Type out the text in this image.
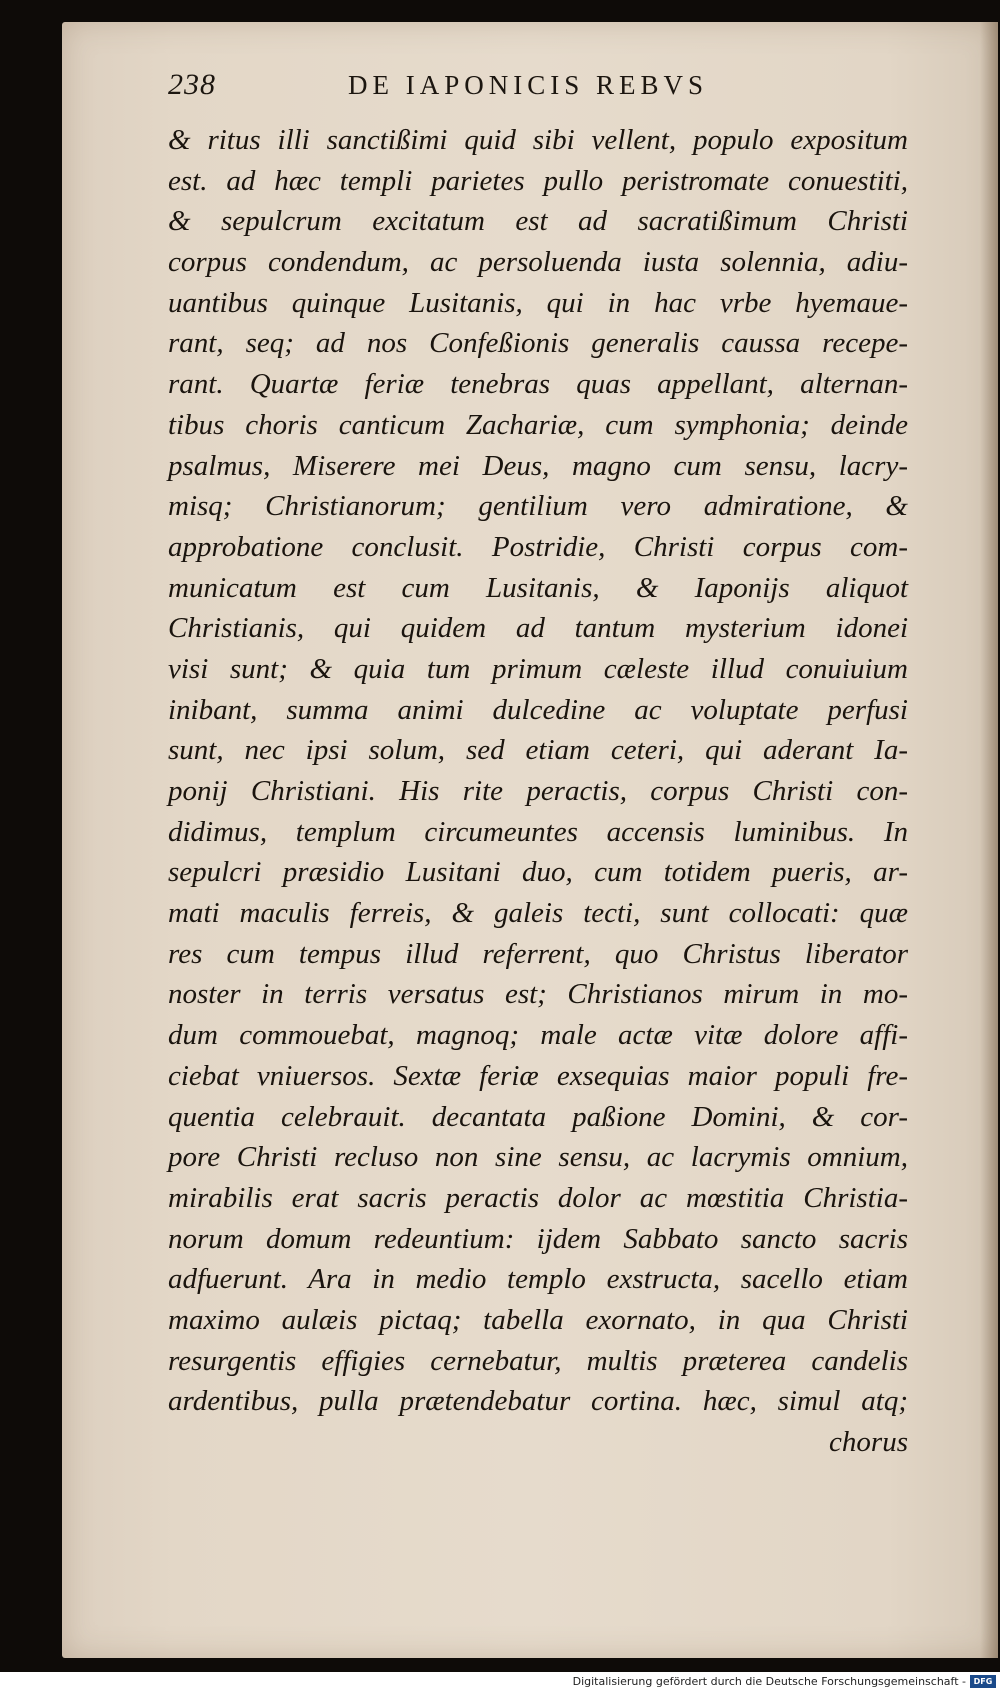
238	DE IAPONICIS REBVS
& ritus illi sanctißimi quid sibi vellent, populo expositum
est. ad hæc templi parietes pullo peristromate conuestiti,
& sepulcrum excitatum est ad sacratißimum Christi
corpus condendum, ac persoluenda iusta solennia, adiu-
uantibus quinque Lusitanis, qui in hac vrbe hyemaue-
rant, seq; ad nos Confeßionis generalis caussa recepe-
rant. Quartæ feriæ tenebras quas appellant, alternan-
tibus choris canticum Zachariæ, cum symphonia; deinde
psalmus, Miserere mei Deus, magno cum sensu, lacry-
misq; Christianorum; gentilium vero admiratione, &
approbatione conclusit. Postridie, Christi corpus com-
municatum est cum Lusitanis, & Iaponijs aliquot
Christianis, qui quidem ad tantum mysterium idonei
visi sunt; & quia tum primum cæleste illud conuiuium
inibant, summa animi dulcedine ac voluptate perfusi
sunt, nec ipsi solum, sed etiam ceteri, qui aderant Ia-
ponij Christiani. His rite peractis, corpus Christi con-
didimus, templum circumeuntes accensis luminibus. In
sepulcri præsidio Lusitani duo, cum totidem pueris, ar-
mati maculis ferreis, & galeis tecti, sunt collocati: quæ
res cum tempus illud referrent, quo Christus liberator
noster in terris versatus est; Christianos mirum in mo-
dum commouebat, magnoq; male actæ vitæ dolore affi-
ciebat vniuersos. Sextæ feriæ exsequias maior populi fre-
quentia celebrauit. decantata paßione Domini, & cor-
pore Christi recluso non sine sensu, ac lacrymis omnium,
mirabilis erat sacris peractis dolor ac mœstitia Christia-
norum domum redeuntium: ijdem Sabbato sancto sacris
adfuerunt. Ara in medio templo exstructa, sacello etiam
maximo aulæis pictaq; tabella exornato, in qua Christi
resurgentis effigies cernebatur, multis præterea candelis
ardentibus, pulla prætendebatur cortina. hæc, simul atq;
chorus
Digitalisierung gefördert durch die Deutsche Forschungsgemeinschaft - DFG
